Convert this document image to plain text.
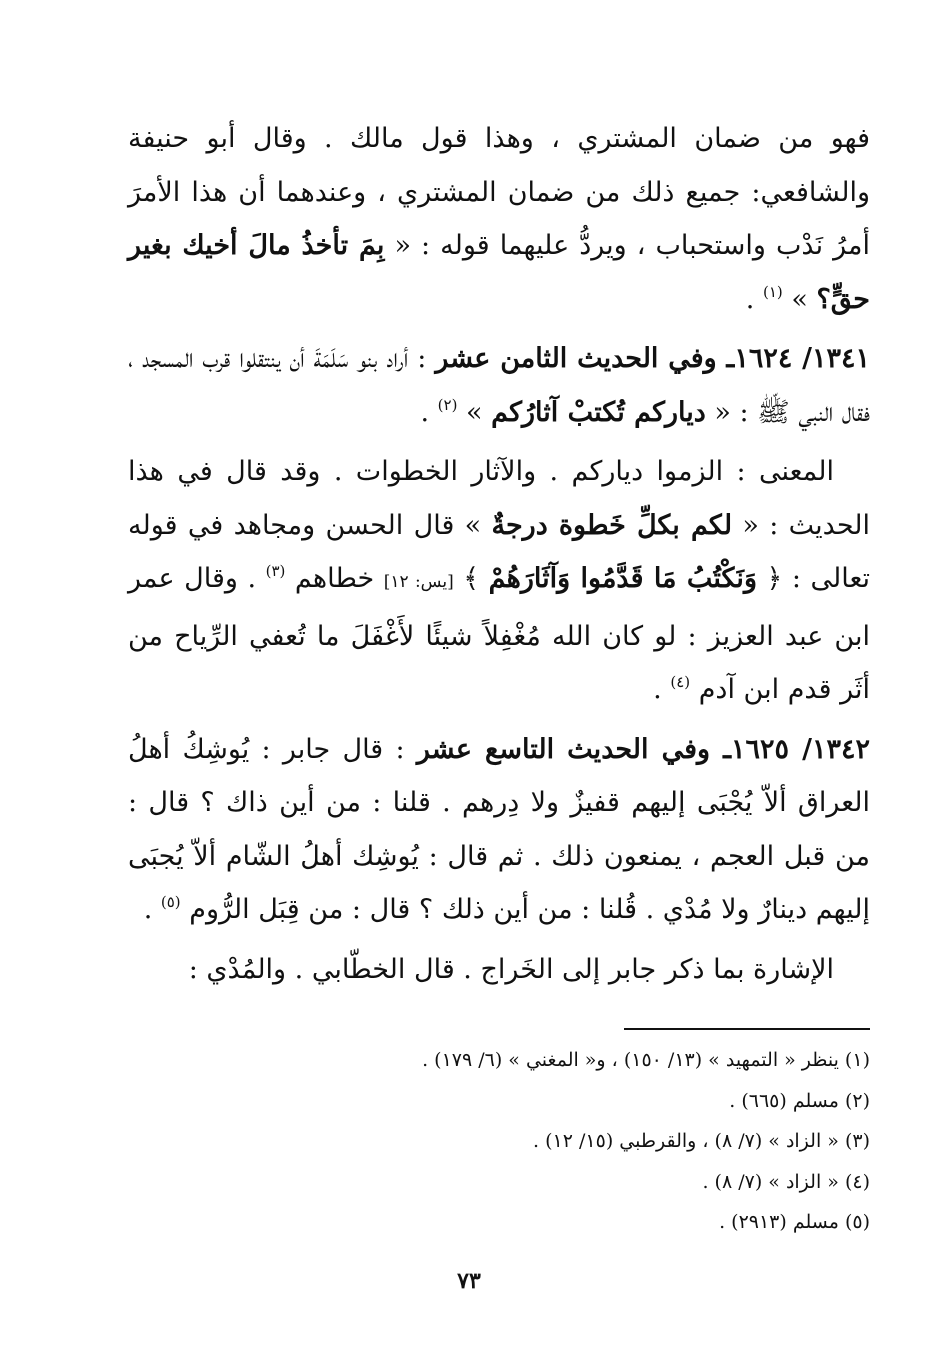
فهو من ضمان المشتري ، وهذا قول مالك . وقال أبو حنيفة والشافعي: جميع ذلك من ضمان المشتري ، وعندهما أن هذا الأمرَ أمرُ نَدْب واستحباب ، ويردُّ عليهما قوله : « بِمَ تأخذُ مالَ أخيك بغير حقٍّ؟ » $^{(١)}$ .

١٣٤١/ ١٦٢٤ـ وفي الحديث الثامن عشر : أراد بنو سَلَمَةَ أن ينتقلوا قرب المسجد ، فقال النبي ﷺ : « دياركم تُكتبْ آثارُكم » $^{(٢)}$ .

المعنى : الزموا دياركم . والآثار الخطوات . وقد قال في هذا الحديث : « لكم بكلِّ خَطوة درجةٌ » قال الحسن ومجاهد في قوله تعالى : ﴿ وَنَكْتُبُ مَا قَدَّمُوا وَآثَارَهُمْ ﴾ [يس: ١٢] خطاهم $^{(٣)}$ . وقال عمر ابن عبد العزيز : لو كان الله مُغْفِلاً شيئًا لأَغْفَلَ ما تُعفي الرِّياح من أثَر قدم ابن آدم $^{(٤)}$ .

١٣٤٢/ ١٦٢٥ـ وفي الحديث التاسع عشر : قال جابر : يُوشِكُ أهلُ العراق ألاّ يُجْبَى إليهم قفيزٌ ولا دِرهم . قلنا : من أين ذاك ؟ قال : من قبل العجم ، يمنعون ذلك . ثم قال : يُوشِك أهلُ الشّام ألاّ يُجبَى إليهم دينارٌ ولا مُدْي . قُلنا : من أين ذلك ؟ قال : من قِبَل الرُّوم $^{(٥)}$ .

الإشارة بما ذكر جابر إلى الخَراج . قال الخطّابي . والمُدْي :

(١) ينظر « التمهيد » (١٣/ ١٥٠) ، و« المغني » (٦/ ١٧٩) .
(٢) مسلم (٦٦٥) .
(٣) « الزاد » (٧/ ٨) ، والقرطبي (١٥/ ١٢) .
(٤) « الزاد » (٧/ ٨) .
(٥) مسلم (٢٩١٣) .
٧٣
